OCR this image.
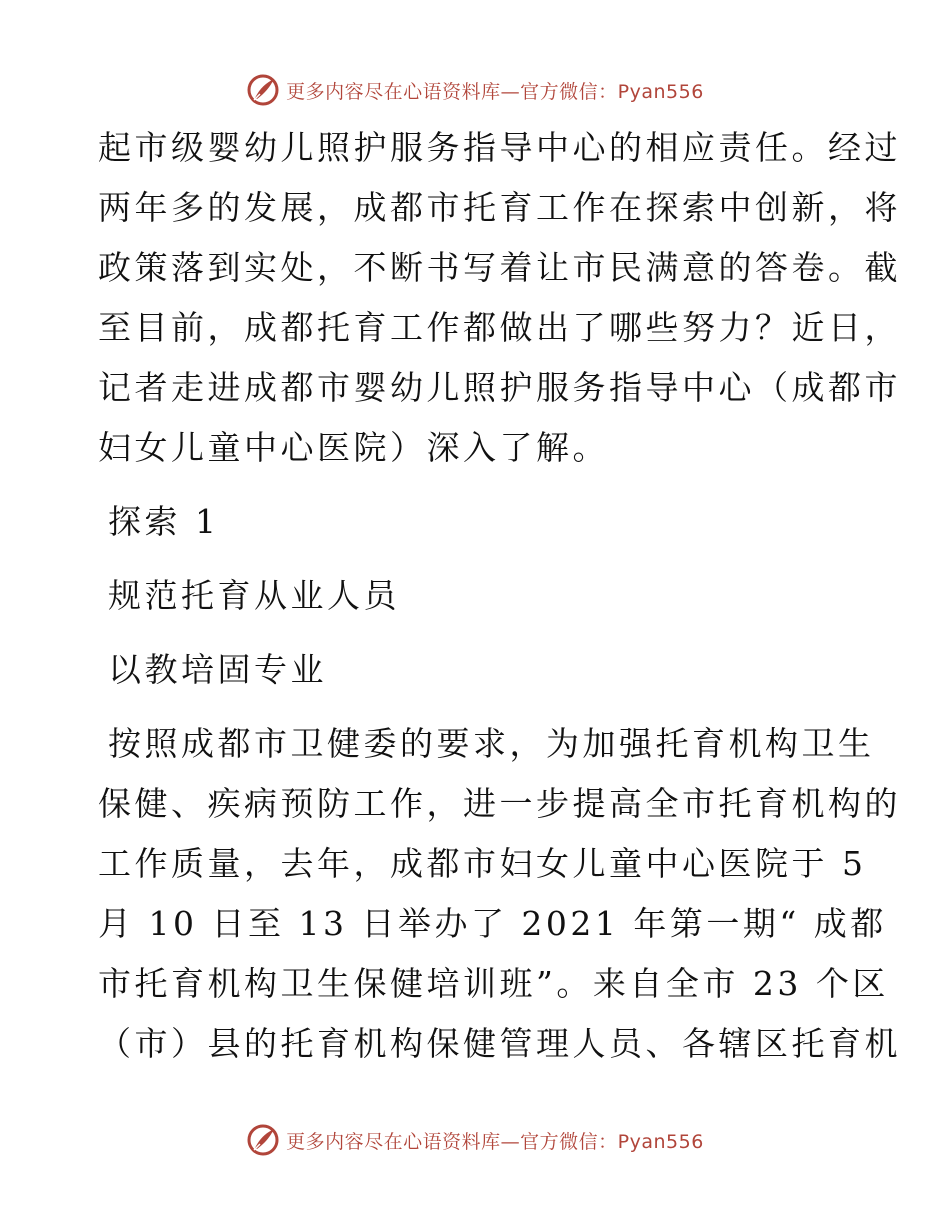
更多内容尽在心语资料库—官方微信：Pyan556

起市级婴幼儿照护服务指导中心的相应责任。经过
两年多的发展，成都市托育工作在探索中创新，将
政策落到实处，不断书写着让市民满意的答卷。截
至目前，成都托育工作都做出了哪些努力？近日，
记者走进成都市婴幼儿照护服务指导中心（成都市
妇女儿童中心医院）深入了解。

探索 1

规范托育从业人员

以教培固专业

按照成都市卫健委的要求，为加强托育机构卫生
保健、疾病预防工作，进一步提高全市托育机构的
工作质量，去年，成都市妇女儿童中心医院于 5
月 10 日至 13 日举办了 2021 年第一期“ 成都
市托育机构卫生保健培训班”。来自全市 23 个区
（市）县的托育机构保健管理人员、各辖区托育机

更多内容尽在心语资料库—官方微信：Pyan556
